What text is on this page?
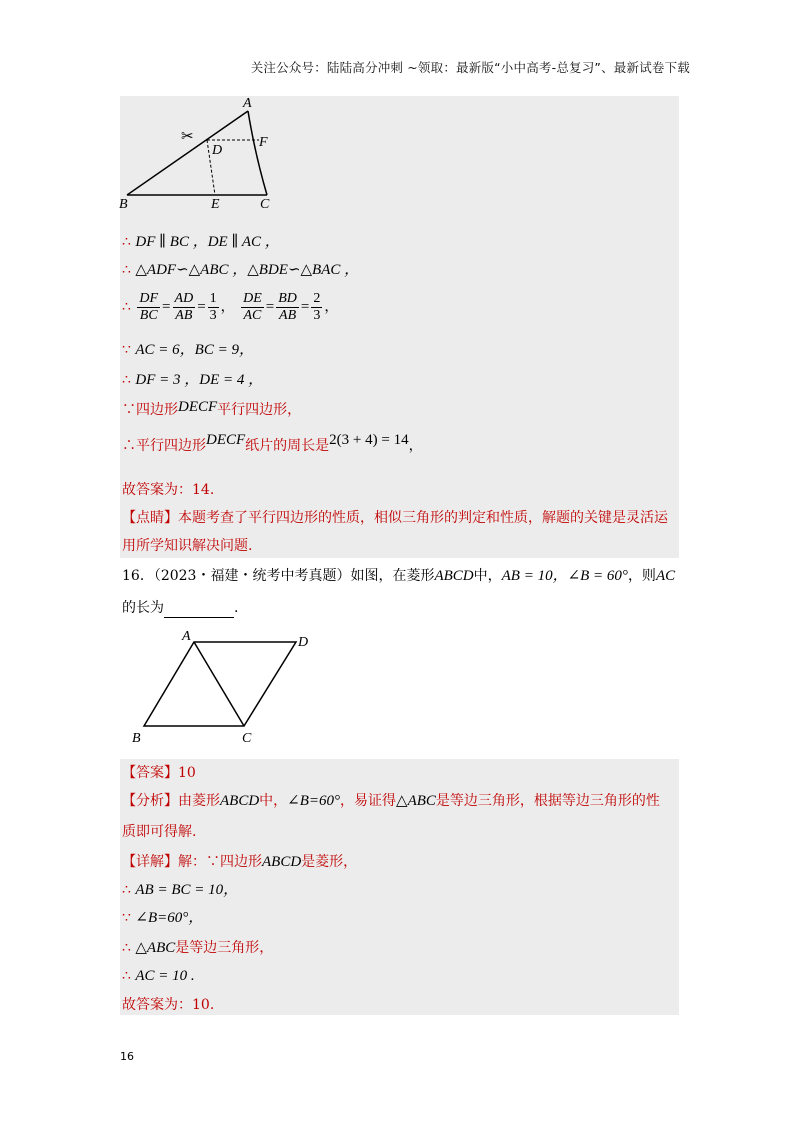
关注公众号：陆陆高分冲刺 ~领取：最新版“小中高考-总复习”、最新试卷下载
✂
A
D
F
B	E	C
∴ DF ∥ BC ，DE ∥ AC ，
∴ △ADF∽△ABC ，△BDE∽△BAC ，
∴ $\frac{DF}{BC} = \frac{AD}{AB} = \frac{1}{3}$ ， $\frac{DE}{AC} = \frac{BD}{AB} = \frac{2}{3}$ ，
∵ AC = 6，BC = 9，
∴ DF = 3 ，DE = 4 ，
∵四边形DECF平行四边形，
∴平行四边形DECF纸片的周长是2(3 + 4) = 14，
故答案为：14.
【点睛】本题考查了平行四边形的性质，相似三角形的判定和性质，解题的关键是灵活运
用所学知识解决问题.
16．（2023・福建・统考中考真题）如图，在菱形ABCD中，AB = 10，∠B = 60°，则AC
的长为	.
A	D
B	C
【答案】10
【分析】由菱形ABCD中，∠B=60°，易证得△ABC是等边三角形，根据等边三角形的性
质即可得解.
【详解】解：∵四边形ABCD是菱形，
∴ AB = BC = 10，
∵ ∠B=60°，
∴ △ABC是等边三角形，
∴ AC = 10 .
故答案为：10.
16
